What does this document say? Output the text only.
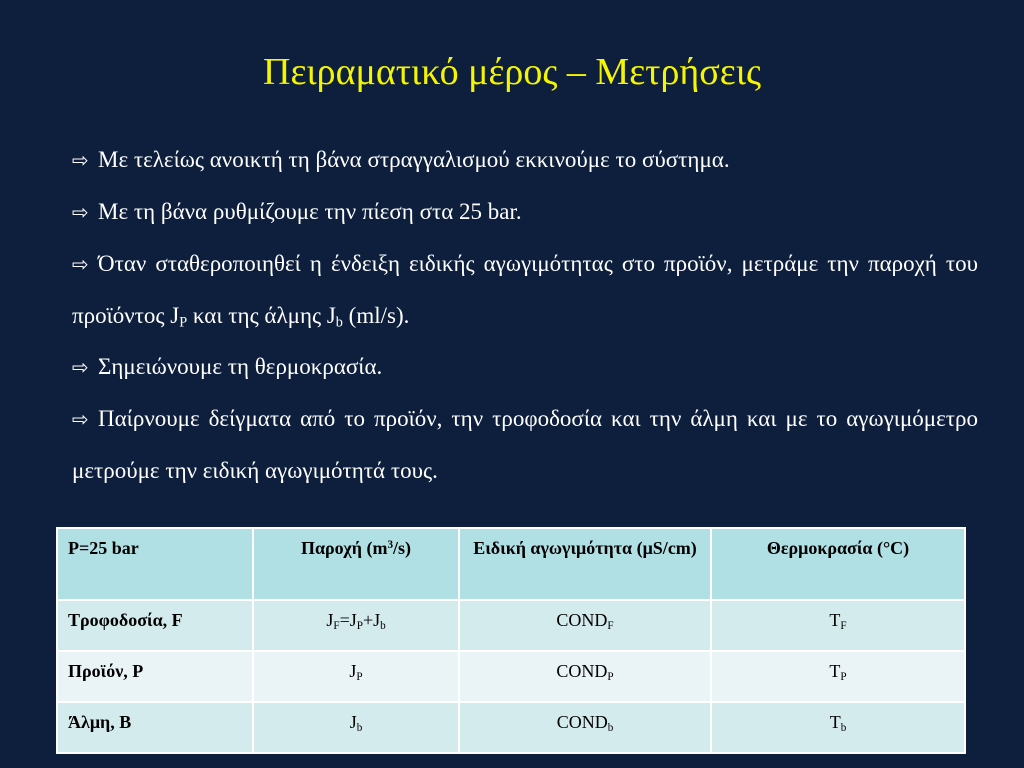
Πειραματικό μέρος – Μετρήσεις

⇨ Με τελείως ανοικτή τη βάνα στραγγαλισμού εκκινούμε το σύστημα.

⇨ Με τη βάνα ρυθμίζουμε την πίεση στα 25 bar.

⇨ Όταν σταθεροποιηθεί η ένδειξη ειδικής αγωγιμότητας στο προϊόν, μετράμε την παροχή του προϊόντος $J_P$ και της άλμης $J_b$ (ml/s).

⇨ Σημειώνουμε τη θερμοκρασία.

⇨ Παίρνουμε δείγματα από το προϊόν, την τροφοδοσία και την άλμη και με το αγωγιμόμετρο μετρούμε την ειδική αγωγιμότητά τους.

P=25 bar	Παροχή $(m^3/s)$	Ειδική αγωγιμότητα (μS/cm)	Θερμοκρασία (°C)
Τροφοδοσία, F	$J_F=J_P+J_b$	$COND_F$	$T_F$
Προϊόν, P	$J_P$	$COND_P$	$T_P$
Άλμη, B	$J_b$	$COND_b$	$T_b$
